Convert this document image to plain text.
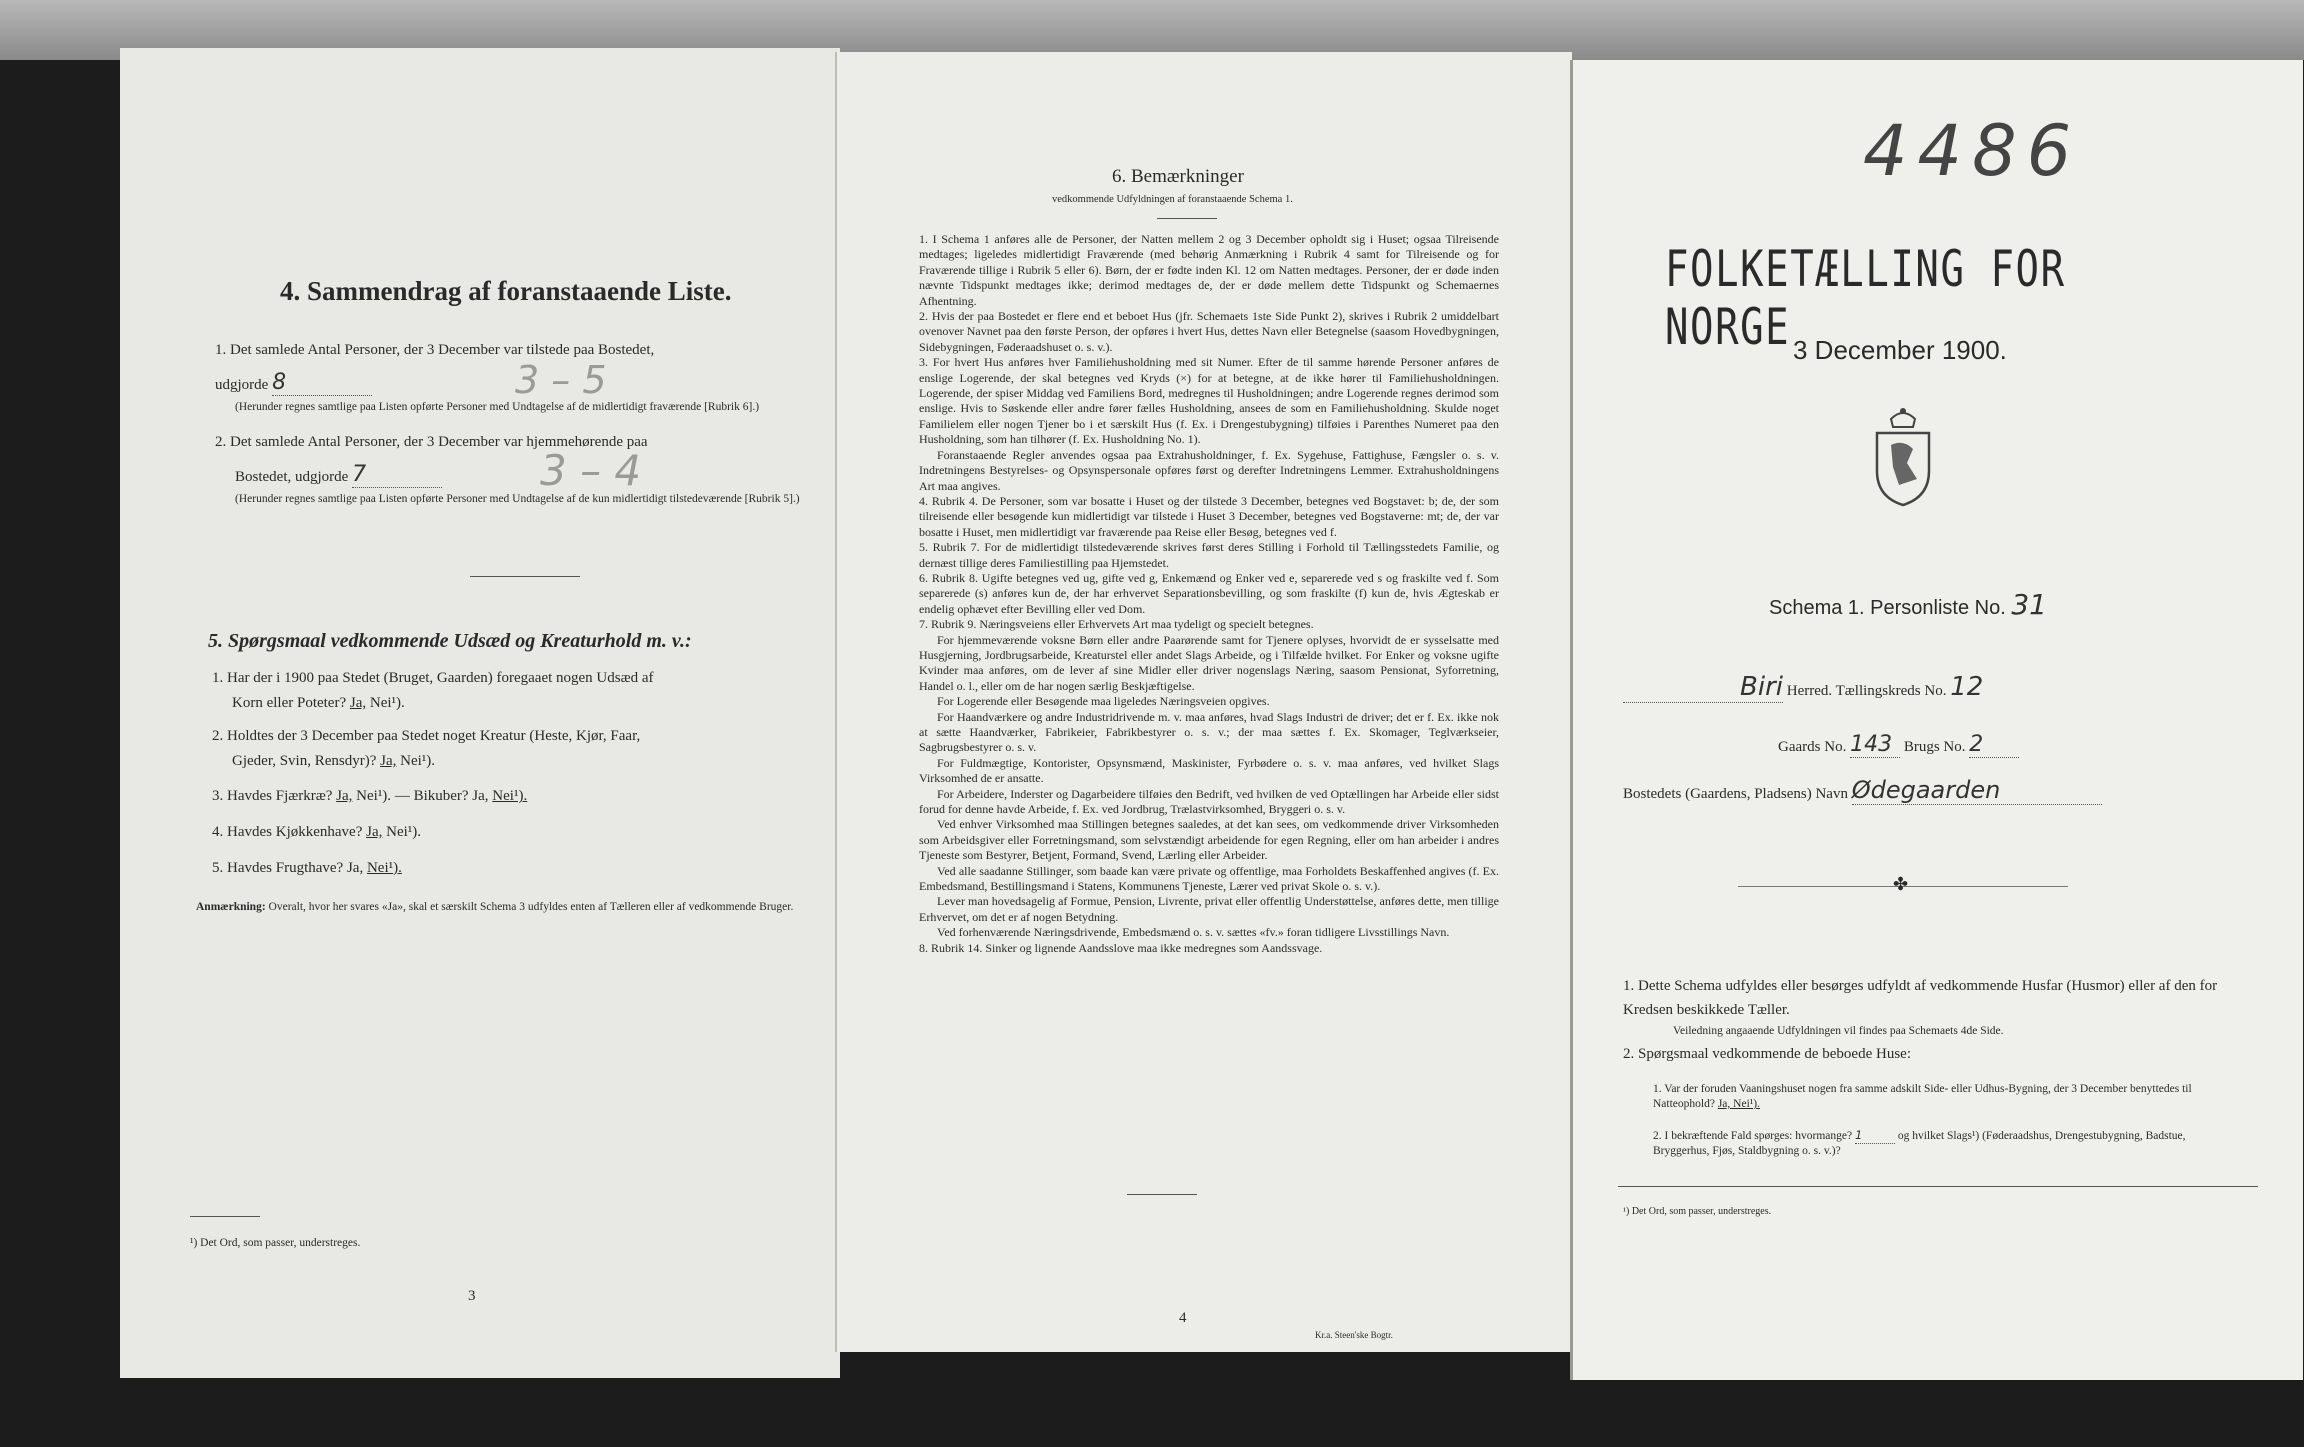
4. Sammendrag af foranstaaende Liste.
1. Det samlede Antal Personer, der 3 December var tilstede paa Bostedet,
udgjorde 8	3 – 5
(Herunder regnes samtlige paa Listen opførte Personer med Undtagelse af de midlertidigt fraværende [Rubrik 6].)
2. Det samlede Antal Personer, der 3 December var hjemmehørende paa
Bostedet, udgjorde 7	3 – 4
(Herunder regnes samtlige paa Listen opførte Personer med Undtagelse af de kun midlertidigt tilstedeværende [Rubrik 5].)
5. Spørgsmaal vedkommende Udsæd og Kreaturhold m. v.:
1. Har der i 1900 paa Stedet (Bruget, Gaarden) foregaaet nogen Udsæd af
Korn eller Poteter? Ja, Nei¹).
2. Holdtes der 3 December paa Stedet noget Kreatur (Heste, Kjør, Faar,
Gjeder, Svin, Rensdyr)? Ja, Nei¹).
3. Havdes Fjærkræ? Ja, Nei¹). — Bikuber? Ja, Nei¹).
4. Havdes Kjøkkenhave? Ja, Nei¹).
5. Havdes Frugthave? Ja, Nei¹).
Anmærkning: Overalt, hvor her svares «Ja», skal et særskilt Schema 3 udfyldes enten af Tælleren eller af vedkommende Bruger.
¹) Det Ord, som passer, understreges.
3
6. Bemærkninger
vedkommende Udfyldningen af foranstaaende Schema 1.

1. I Schema 1 anføres alle de Personer, der Natten mellem 2 og 3 December opholdt sig i Huset; ogsaa Tilreisende medtages; ligeledes midlertidigt Fraværende (med behørig Anmærkning i Rubrik 4 samt for Tilreisende og for Fraværende tillige i Rubrik 5 eller 6). Børn, der er fødte inden Kl. 12 om Natten medtages. Personer, der er døde inden nævnte Tidspunkt medtages ikke; derimod medtages de, der er døde mellem dette Tidspunkt og Schemaernes Afhentning.

2. Hvis der paa Bostedet er flere end et beboet Hus (jfr. Schemaets 1ste Side Punkt 2), skrives i Rubrik 2 umiddelbart ovenover Navnet paa den første Person, der opføres i hvert Hus, dettes Navn eller Betegnelse (saasom Hovedbygningen, Sidebygningen, Føderaadshuset o. s. v.).

3. For hvert Hus anføres hver Familiehusholdning med sit Numer. Efter de til samme hørende Personer anføres de enslige Logerende, der skal betegnes ved Kryds (×) for at betegne, at de ikke hører til Familiehusholdningen. Logerende, der spiser Middag ved Familiens Bord, medregnes til Husholdningen; andre Logerende regnes derimod som enslige. Hvis to Søskende eller andre fører fælles Husholdning, ansees de som en Familiehusholdning. Skulde noget Familielem eller nogen Tjener bo i et særskilt Hus (f. Ex. i Drengestubygning) tilføies i Parenthes Numeret paa den Husholdning, som han tilhører (f. Ex. Husholdning No. 1).

Foranstaaende Regler anvendes ogsaa paa Extrahusholdninger, f. Ex. Sygehuse, Fattighuse, Fængsler o. s. v. Indretningens Bestyrelses- og Opsynspersonale opføres først og derefter Indretningens Lemmer. Extrahusholdningens Art maa angives.

4. Rubrik 4. De Personer, som var bosatte i Huset og der tilstede 3 December, betegnes ved Bogstavet: b; de, der som tilreisende eller besøgende kun midlertidigt var tilstede i Huset 3 December, betegnes ved Bogstaverne: mt; de, der var bosatte i Huset, men midlertidigt var fraværende paa Reise eller Besøg, betegnes ved f.

5. Rubrik 7. For de midlertidigt tilstedeværende skrives først deres Stilling i Forhold til Tællingsstedets Familie, og dernæst tillige deres Familiestilling paa Hjemstedet.

6. Rubrik 8. Ugifte betegnes ved ug, gifte ved g, Enkemænd og Enker ved e, separerede ved s og fraskilte ved f. Som separerede (s) anføres kun de, der har erhvervet Separationsbevilling, og som fraskilte (f) kun de, hvis Ægteskab er endelig ophævet efter Bevilling eller ved Dom.

7. Rubrik 9. Næringsveiens eller Erhvervets Art maa tydeligt og specielt betegnes.

For hjemmeværende voksne Børn eller andre Paarørende samt for Tjenere oplyses, hvorvidt de er sysselsatte med Husgjerning, Jordbrugsarbeide, Kreaturstel eller andet Slags Arbeide, og i Tilfælde hvilket. For Enker og voksne ugifte Kvinder maa anføres, om de lever af sine Midler eller driver nogenslags Næring, saasom Pensionat, Syforretning, Handel o. l., eller om de har nogen særlig Beskjæftigelse.

For Logerende eller Besøgende maa ligeledes Næringsveien opgives.

For Haandværkere og andre Industridrivende m. v. maa anføres, hvad Slags Industri de driver; det er f. Ex. ikke nok at sætte Haandværker, Fabrikeier, Fabrikbestyrer o. s. v.; der maa sættes f. Ex. Skomager, Teglværkseier, Sagbrugsbestyrer o. s. v.

For Fuldmægtige, Kontorister, Opsynsmænd, Maskinister, Fyrbødere o. s. v. maa anføres, ved hvilket Slags Virksomhed de er ansatte.

For Arbeidere, Inderster og Dagarbeidere tilføies den Bedrift, ved hvilken de ved Optællingen har Arbeide eller sidst forud for denne havde Arbeide, f. Ex. ved Jordbrug, Trælastvirksomhed, Bryggeri o. s. v.

Ved enhver Virksomhed maa Stillingen betegnes saaledes, at det kan sees, om vedkommende driver Virksomheden som Arbeidsgiver eller Forretningsmand, som selvstændigt arbeidende for egen Regning, eller om han arbeider i andres Tjeneste som Bestyrer, Betjent, Formand, Svend, Lærling eller Arbeider.

Ved alle saadanne Stillinger, som baade kan være private og offentlige, maa Forholdets Beskaffenhed angives (f. Ex. Embedsmand, Bestillingsmand i Statens, Kommunens Tjeneste, Lærer ved privat Skole o. s. v.).

Lever man hovedsagelig af Formue, Pension, Livrente, privat eller offentlig Understøttelse, anføres dette, men tillige Erhvervet, om det er af nogen Betydning.

Ved forhenværende Næringsdrivende, Embedsmænd o. s. v. sættes «fv.» foran tidligere Livsstillings Navn.

8. Rubrik 14. Sinker og lignende Aandsslove maa ikke medregnes som Aandssvage.

4
Kr.a. Steen'ske Bogtr.
4486
FOLKETÆLLING FOR NORGE 3 December 1900.
Schema 1. Personliste No. 31
Biri Herred. Tællingskreds No. 12
Gaards No. 143 Brugs No. 2
Bostedets (Gaardens, Pladsens) Navn Ødegaarden
✤
1. Dette Schema udfyldes eller besørges udfyldt af vedkommende Husfar (Husmor) eller af den for Kredsen beskikkede Tæller.
Veiledning angaaende Udfyldningen vil findes paa Schemaets 4de Side.
2. Spørgsmaal vedkommende de beboede Huse:
1. Var der foruden Vaaningshuset nogen fra samme adskilt Side- eller Udhus-Bygning, der 3 December benyttedes til Natteophold? Ja, Nei¹).
2. I bekræftende Fald spørges: hvormange? 1	og hvilket Slags¹) (Føderaadshus, Drengestubygning, Badstue, Bryggerhus, Fjøs, Staldbygning o. s. v.)?
¹) Det Ord, som passer, understreges.
